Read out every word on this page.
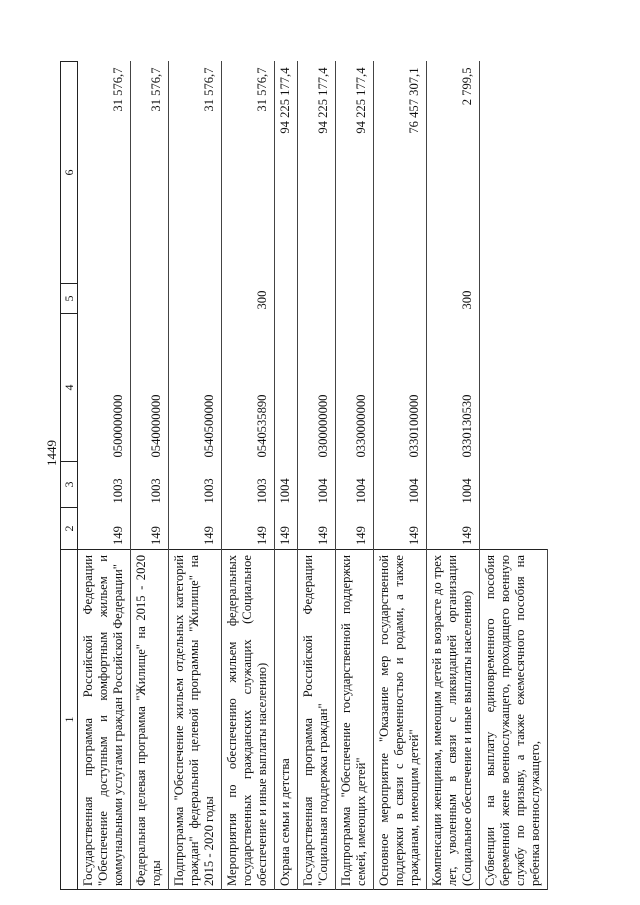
1449
1	2	3	4	5	6
Государственная программа Российской Федерации "Обеспечение доступным и комфортным жильем и коммунальными услугами граждан Российской Федерации"	149	1003	0500000000		31 576,7
Федеральная целевая программа "Жилище" на 2015 - 2020 годы	149	1003	0540000000		31 576,7
Подпрограмма "Обеспечение жильем отдельных категорий граждан" федеральной целевой программы "Жилище" на 2015 - 2020 годы	149	1003	0540500000		31 576,7
Мероприятия по обеспечению жильем федеральных государственных гражданских служащих (Социальное обеспечение и иные выплаты населению)	149	1003	0540535890	300	31 576,7
Охрана семьи и детства	149	1004			94 225 177,4
Государственная программа Российской Федерации "Социальная поддержка граждан"	149	1004	0300000000		94 225 177,4
Подпрограмма "Обеспечение государственной поддержки семей, имеющих детей"	149	1004	0330000000		94 225 177,4
Основное мероприятие "Оказание мер государственной поддержки в связи с беременностью и родами, а также гражданам, имеющим детей"	149	1004	0330100000		76 457 307,1
Компенсации женщинам, имеющим детей в возрасте до трех лет, уволенным в связи с ликвидацией организации (Социальное обеспечение и иные выплаты населению)	149	1004	0330130530	300	2 799,5
Субвенции на выплату единовременного пособия беременной жене военнослужащего, проходящего военную службу по призыву, а также ежемесячного пособия на ребенка военнослужащего,					
